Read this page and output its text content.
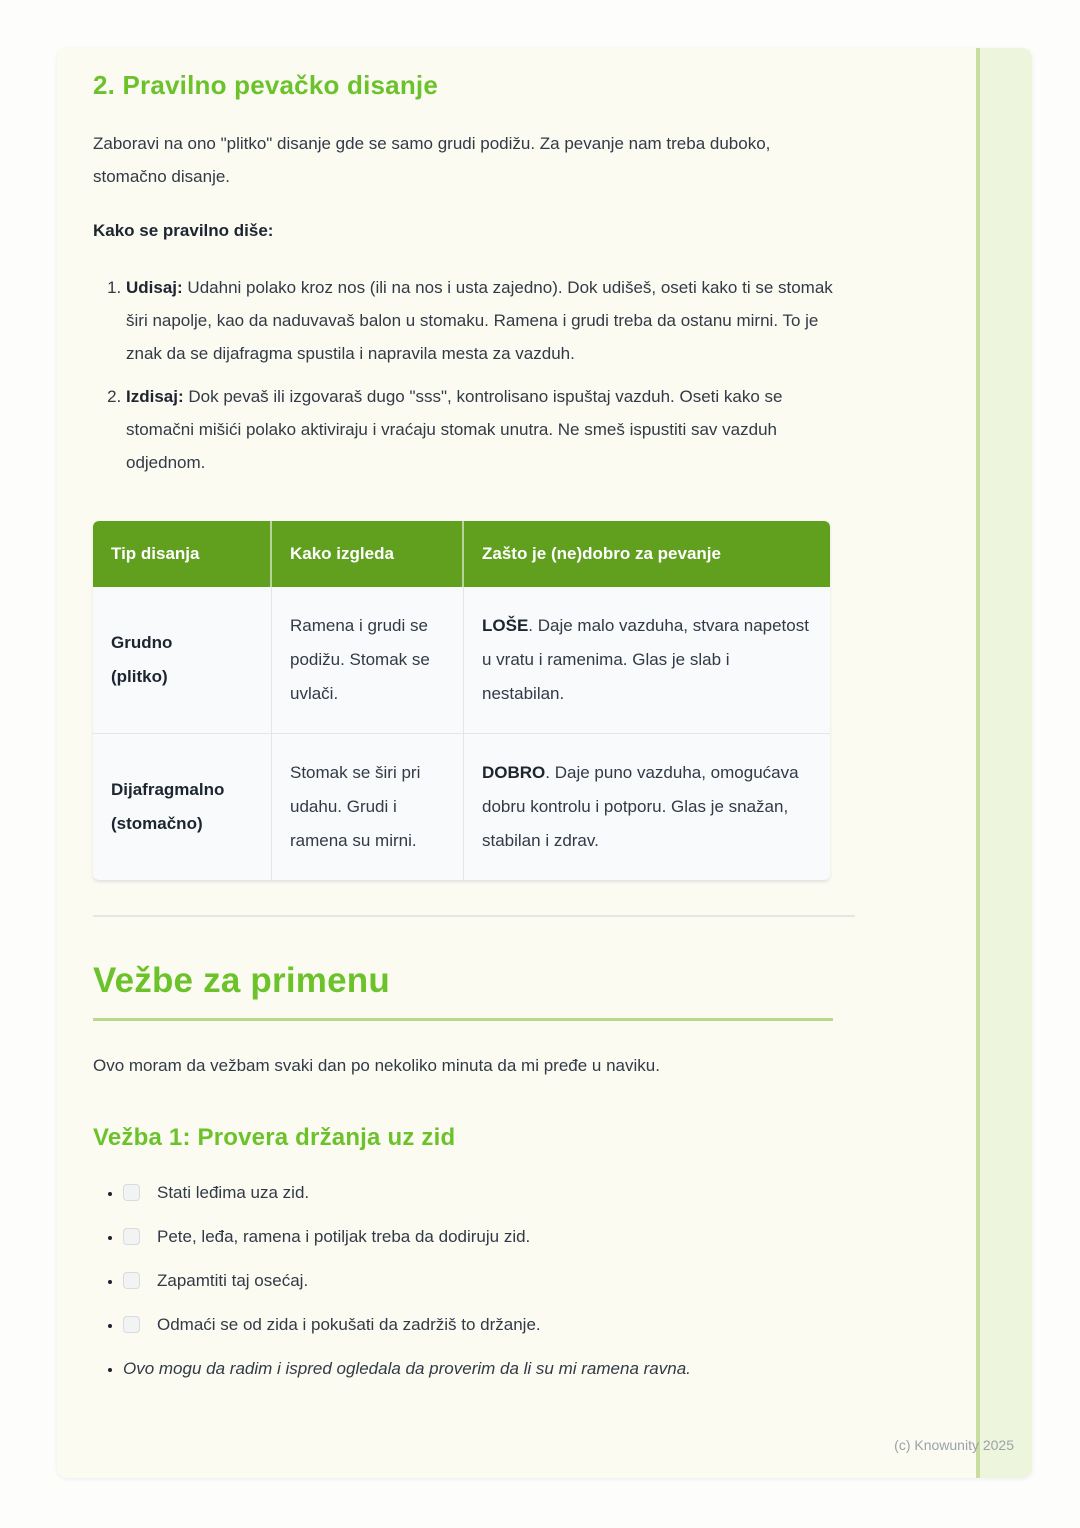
2. Pravilno pevačko disanje

Zaboravi na ono "plitko" disanje gde se samo grudi podižu. Za pevanje nam treba duboko, stomačno disanje.

Kako se pravilno diše:

1. Udisaj: Udahni polako kroz nos (ili na nos i usta zajedno). Dok udišeš, oseti kako ti se stomak širi napolje, kao da naduvavaš balon u stomaku. Ramena i grudi treba da ostanu mirni. To je znak da se dijafragma spustila i napravila mesta za vazduh.
2. Izdisaj: Dok pevaš ili izgovaraš dugo "sss", kontrolisano ispuštaj vazduh. Oseti kako se stomačni mišići polako aktiviraju i vraćaju stomak unutra. Ne smeš ispustiti sav vazduh odjednom.
Tip disanja	Kako izgleda	Zašto je (ne)dobro za pevanje
Grudno (plitko)	Ramena i grudi se podižu. Stomak se uvlači.	LOŠE. Daje malo vazduha, stvara napetost u vratu i ramenima. Glas je slab i nestabilan.
Dijafragmalno (stomačno)	Stomak se širi pri udahu. Grudi i ramena su mirni.	DOBRO. Daje puno vazduha, omogućava dobru kontrolu i potporu. Glas je snažan, stabilan i zdrav.
Vežbe za primenu

Ovo moram da vežbam svaki dan po nekoliko minuta da mi pređe u naviku.

Vežba 1: Provera držanja uz zid
• Stati leđima uza zid.
• Pete, leđa, ramena i potiljak treba da dodiruju zid.
• Zapamtiti taj osećaj.
• Odmaći se od zida i pokušati da zadržiš to držanje.
• Ovo mogu da radim i ispred ogledala da proverim da li su mi ramena ravna.
(c) Knowunity 2025
